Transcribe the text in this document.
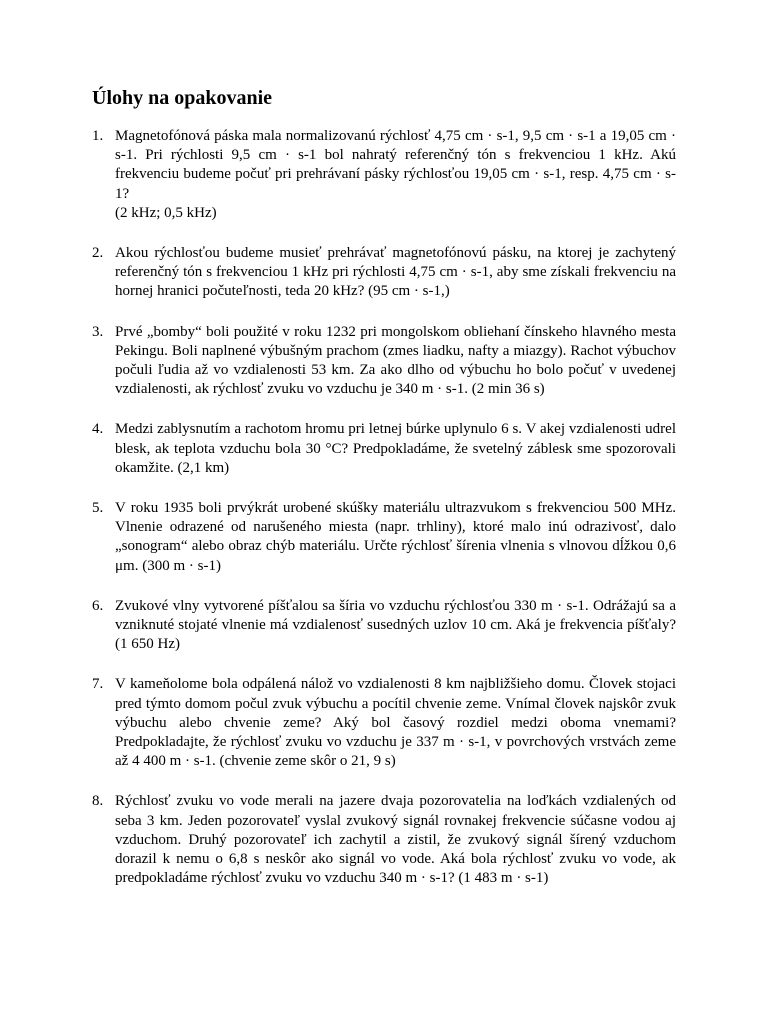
Úlohy na opakovanie
1. Magnetofónová páska mala normalizovanú rýchlosť 4,75 cm · s-1, 9,5 cm · s-1 a 19,05 cm · s-1. Pri rýchlosti 9,5 cm · s-1 bol nahratý referenčný tón s frekvenciou 1 kHz. Akú frekvenciu budeme počuť pri prehrávaní pásky rýchlosťou 19,05 cm · s-1, resp. 4,75 cm · s-1?

(2 kHz; 0,5 kHz)

2. Akou rýchlosťou budeme musieť prehrávať magnetofónovú pásku, na ktorej je zachytený referenčný tón s frekvenciou 1 kHz pri rýchlosti 4,75 cm · s-1, aby sme získali frekvenciu na hornej hranici počuteľnosti, teda 20 kHz? (95 cm · s-1,)

3. Prvé „bomby“ boli použité v roku 1232 pri mongolskom obliehaní čínskeho hlavného mesta Pekingu. Boli naplnené výbušným prachom (zmes liadku, nafty a miazgy). Rachot výbuchov počuli ľudia až vo vzdialenosti 53 km. Za ako dlho od výbuchu ho bolo počuť v uvedenej vzdialenosti, ak rýchlosť zvuku vo vzduchu je 340 m · s-1. (2 min 36 s)

4. Medzi zablysnutím a rachotom hromu pri letnej búrke uplynulo 6 s. V akej vzdialenosti udrel blesk, ak teplota vzduchu bola 30 °C? Predpokladáme, že svetelný záblesk sme spozorovali okamžite. (2,1 km)

5. V roku 1935 boli prvýkrát urobené skúšky materiálu ultrazvukom s frekvenciou 500 MHz. Vlnenie odrazené od narušeného miesta (napr. trhliny), ktoré malo inú odrazivosť, dalo „sonogram“ alebo obraz chýb materiálu. Určte rýchlosť šírenia vlnenia s vlnovou dĺžkou 0,6 μm. (300 m · s-1)

6. Zvukové vlny vytvorené píšťalou sa šíria vo vzduchu rýchlosťou 330 m · s-1. Odrážajú sa a vzniknuté stojaté vlnenie má vzdialenosť susedných uzlov 10 cm. Aká je frekvencia píšťaly? (1 650 Hz)

7. V kameňolome bola odpálená nálož vo vzdialenosti 8 km najbližšieho domu. Človek stojaci pred týmto domom počul zvuk výbuchu a pocítil chvenie zeme. Vnímal človek najskôr zvuk výbuchu alebo chvenie zeme? Aký bol časový rozdiel medzi oboma vnemami? Predpokladajte, že rýchlosť zvuku vo vzduchu je 337 m · s-1, v povrchových vrstvách zeme až 4 400 m · s-1. (chvenie zeme skôr o 21, 9 s)

8. Rýchlosť zvuku vo vode merali na jazere dvaja pozorovatelia na loďkách vzdialených od seba 3 km. Jeden pozorovateľ vyslal zvukový signál rovnakej frekvencie súčasne vodou aj vzduchom. Druhý pozorovateľ ich zachytil a zistil, že zvukový signál šírený vzduchom dorazil k nemu o 6,8 s neskôr ako signál vo vode. Aká bola rýchlosť zvuku vo vode, ak predpokladáme rýchlosť zvuku vo vzduchu 340 m · s-1? (1 483 m · s-1)
